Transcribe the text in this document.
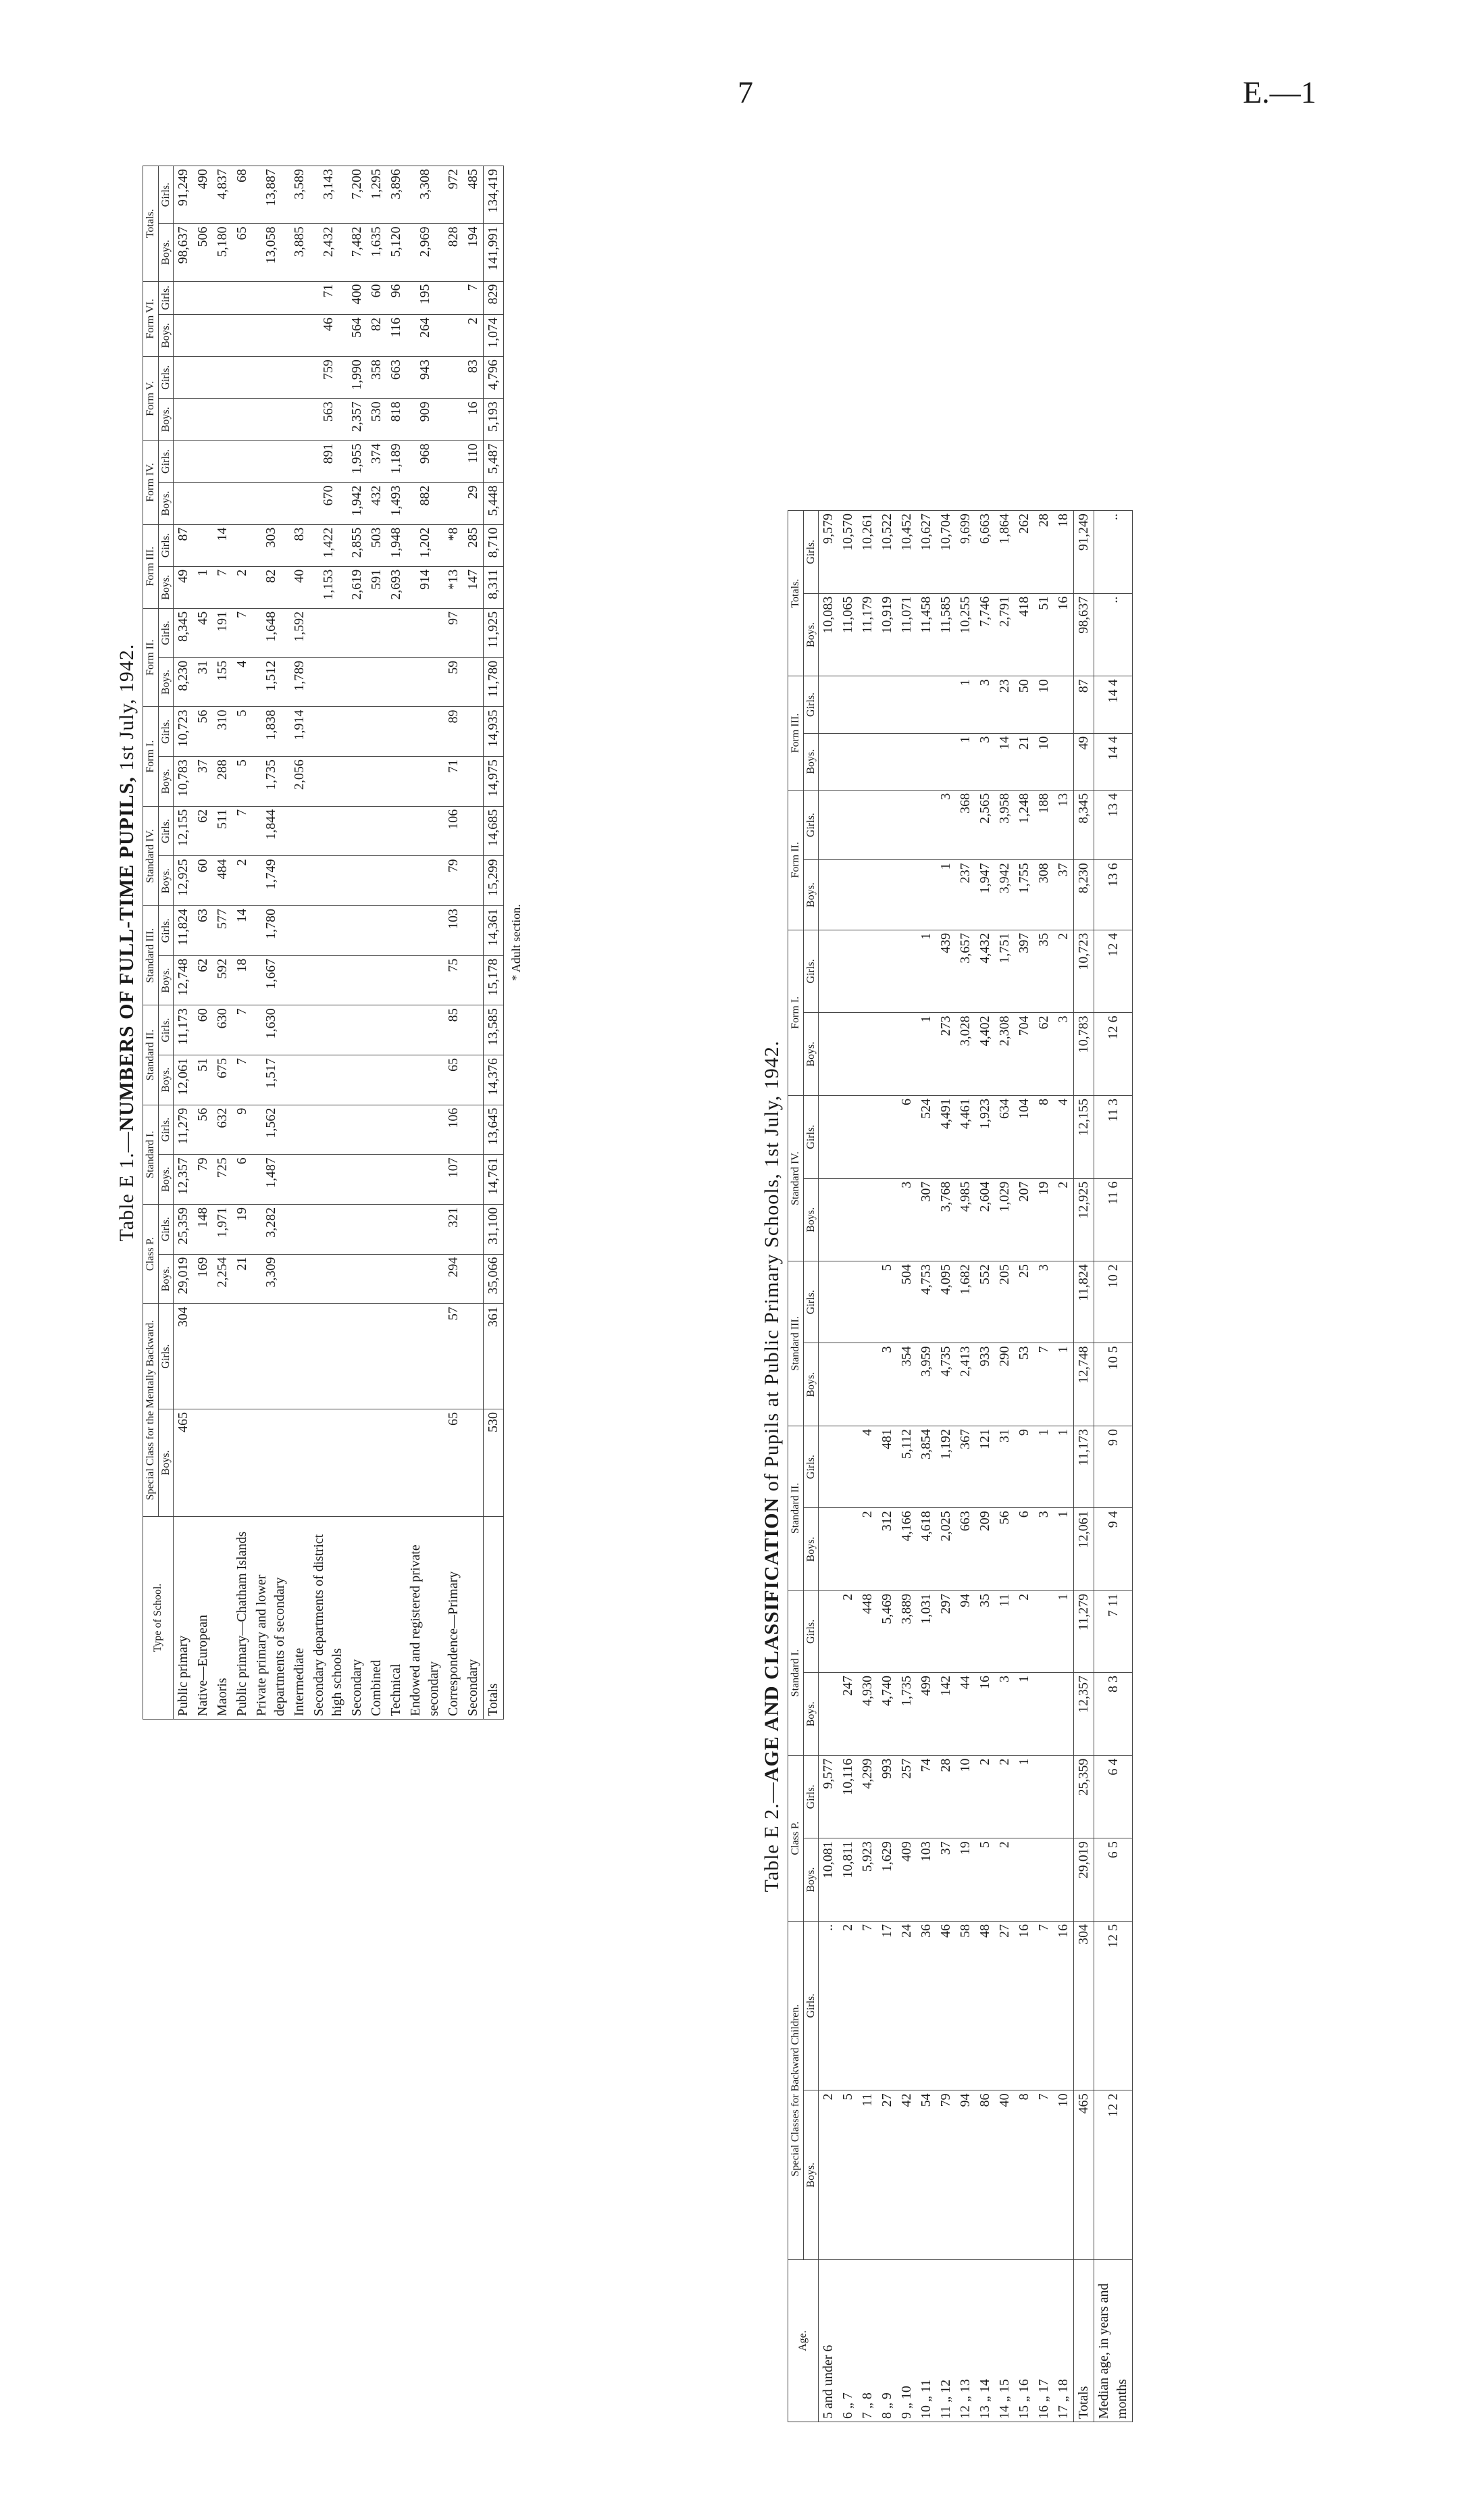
7	E.—1
Table E 1.—NUMBERS OF FULL-TIME PUPILS, 1st July, 1942.
Type of School.	Special Class for the Mentally Backward.		Class P.		Standard I.		Standard II.		Standard III.		Standard IV.		Form I.		Form II.		Form III.		Form IV.		Form V.		Form VI.		Totals.	
	Boys.	Girls.	Boys.	Girls.	Boys.	Girls.	Boys.	Girls.	Boys.	Girls.	Boys.	Girls.	Boys.	Girls.	Boys.	Girls.	Boys.	Girls.	Boys.	Girls.	Boys.	Girls.	Boys.	Girls.	Boys.	Girls.
Public primary	465	304	29,019	25,359	12,357	11,279	12,061	11,173	12,748	11,824	12,925	12,155	10,783	10,723	8,230	8,345	49	87							98,637	91,249
Native—European			169	148	79	56	51	60	62	63	60	62	37	56	31	45	1								506	490
Maoris			2,254	1,971	725	632	675	630	592	577	484	511	288	310	155	191	7	14							5,180	4,837
Public primary—Chatham Islands			21	19	6	9	7	7	18	14	2	7	5	5	4	7	2								65	68
Private primary and lower departments of secondary			3,309	3,282	1,487	1,562	1,517	1,630	1,667	1,780	1,749	1,844	1,735	1,838	1,512	1,648	82	303							13,058	13,887
Intermediate													2,056	1,914	1,789	1,592	40	83							3,885	3,589
Secondary departments of district high schools																	1,153	1,422	670	891	563	759	46	71	2,432	3,143
Secondary																	2,619	2,855	1,942	1,955	2,357	1,990	564	400	7,482	7,200
Combined																	591	503	432	374	530	358	82	60	1,635	1,295
Technical																	2,693	1,948	1,493	1,189	818	663	116	96	5,120	3,896
Endowed and registered private secondary																	914	1,202	882	968	909	943	264	195	2,969	3,308
Correspondence—Primary	65	57	294	321	107	106	65	85	75	103	79	106	71	89	59	97	*13	*8							828	972
Secondary																	147	285	29	110	16	83	2	7	194	485
Totals	530	361	35,066	31,100	14,761	13,645	14,376	13,585	15,178	14,361	15,299	14,685	14,975	14,935	11,780	11,925	8,311	8,710	5,448	5,487	5,193	4,796	1,074	829	141,991	134,419
* Adult section.
Table E 2.—AGE AND CLASSIFICATION of Pupils at Public Primary Schools, 1st July, 1942.
Age.	Special Classes for Backward Children.		Class P.		Standard I.		Standard II.		Standard III.		Standard IV.		Form I.		Form II.		Form III.		Totals.	
	Boys.	Girls.	Boys.	Girls.	Boys.	Girls.	Boys.	Girls.	Boys.	Girls.	Boys.	Girls.	Boys.	Girls.	Boys.	Girls.	Boys.	Girls.	Boys.	Girls.
5 and under 6	2	..	10,081	9,577															10,083	9,579
6 „ 7	5	2	10,811	10,116	247	2													11,065	10,570
7 „ 8	11	7	5,923	4,299	4,930	448	2	4											11,179	10,261
8 „ 9	27	17	1,629	993	4,740	5,469	312	481	3	5									10,919	10,522
9 „ 10	42	24	409	257	1,735	3,889	4,166	5,112	354	504	3	6							11,071	10,452
10 „ 11	54	36	103	74	499	1,031	4,618	3,854	3,959	4,753	307	524	1	1					11,458	10,627
11 „ 12	79	46	37	28	142	297	2,025	1,192	4,735	4,095	3,768	4,491	273	439	1	3			11,585	10,704
12 „ 13	94	58	19	10	44	94	663	367	2,413	1,682	4,985	4,461	3,028	3,657	237	368	1	1	10,255	9,699
13 „ 14	86	48	5	2	16	35	209	121	933	552	2,604	1,923	4,402	4,432	1,947	2,565	3	3	7,746	6,663
14 „ 15	40	27	2	2	3	11	56	31	290	205	1,029	634	2,308	1,751	3,942	3,958	14	23	2,791	1,864
15 „ 16	8	16		1	1	2	6	9	53	25	207	104	704	397	1,755	1,248	21	50	418	262
16 „ 17	7	7					3	1	7	3	19	8	62	35	308	188	10	10	51	28
17 „ 18	10	16				1	1	1	1		2	4	3	2	37	13			16	18
Totals	465	304	29,019	25,359	12,357	11,279	12,061	11,173	12,748	11,824	12,925	12,155	10,783	10,723	8,230	8,345	49	87	98,637	91,249
Median age, in years and months	12 2	12 5	6 5	6 4	8 3	7 11	9 4	9 0	10 5	10 2	11 6	11 3	12 6	12 4	13 6	13 4	14 4	14 4	..	..
